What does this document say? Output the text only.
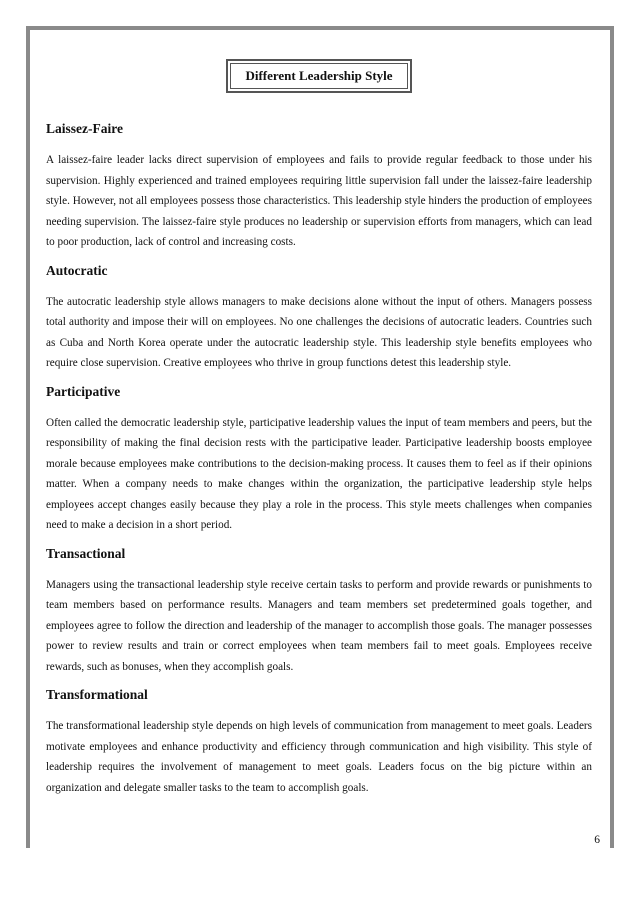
Different Leadership Style
Laissez-Faire

A laissez-faire leader lacks direct supervision of employees and fails to provide regular feedback to those under his supervision. Highly experienced and trained employees requiring little supervision fall under the laissez-faire leadership style. However, not all employees possess those characteristics. This leadership style hinders the production of employees needing supervision. The laissez-faire style produces no leadership or supervision efforts from managers, which can lead to poor production, lack of control and increasing costs.

Autocratic

The autocratic leadership style allows managers to make decisions alone without the input of others. Managers possess total authority and impose their will on employees. No one challenges the decisions of autocratic leaders. Countries such as Cuba and North Korea operate under the autocratic leadership style. This leadership style benefits employees who require close supervision. Creative employees who thrive in group functions detest this leadership style.

Participative

Often called the democratic leadership style, participative leadership values the input of team members and peers, but the responsibility of making the final decision rests with the participative leader. Participative leadership boosts employee morale because employees make contributions to the decision-making process. It causes them to feel as if their opinions matter. When a company needs to make changes within the organization, the participative leadership style helps employees accept changes easily because they play a role in the process. This style meets challenges when companies need to make a decision in a short period.

Transactional

Managers using the transactional leadership style receive certain tasks to perform and provide rewards or punishments to team members based on performance results. Managers and team members set predetermined goals together, and employees agree to follow the direction and leadership of the manager to accomplish those goals. The manager possesses power to review results and train or correct employees when team members fail to meet goals. Employees receive rewards, such as bonuses, when they accomplish goals.

Transformational

The transformational leadership style depends on high levels of communication from management to meet goals. Leaders motivate employees and enhance productivity and efficiency through communication and high visibility. This style of leadership requires the involvement of management to meet goals. Leaders focus on the big picture within an organization and delegate smaller tasks to the team to accomplish goals.

6
